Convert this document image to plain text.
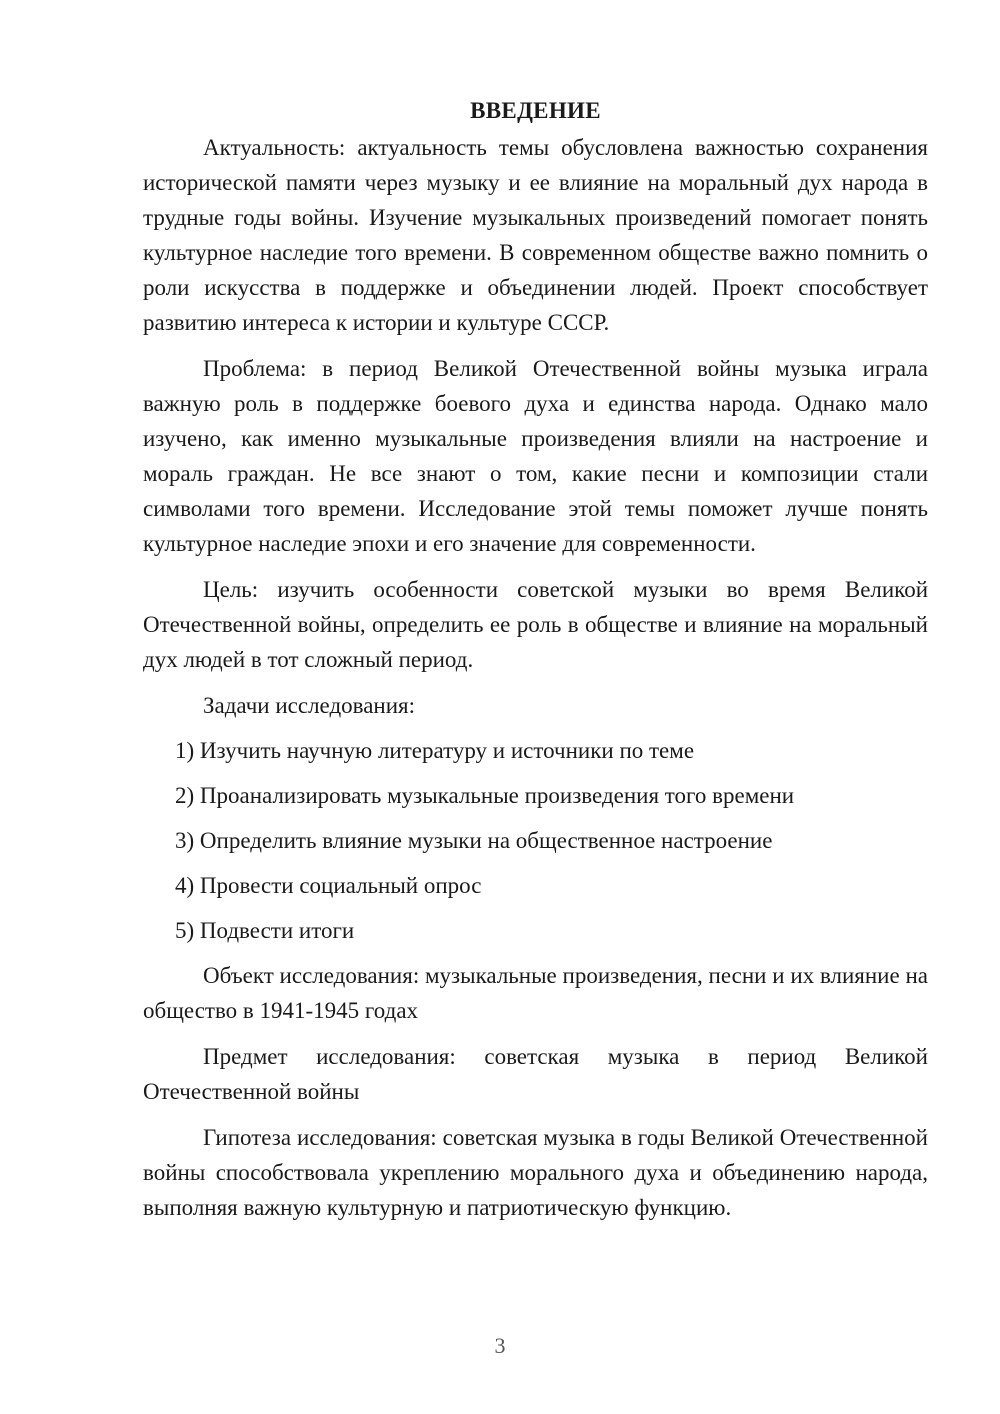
ВВЕДЕНИЕ

Актуальность: актуальность темы обусловлена важностью сохранения исторической памяти через музыку и ее влияние на моральный дух народа в трудные годы войны. Изучение музыкальных произведений помогает понять культурное наследие того времени. В современном обществе важно помнить о роли искусства в поддержке и объединении людей. Проект способствует развитию интереса к истории и культуре СССР.

Проблема: в период Великой Отечественной войны музыка играла важную роль в поддержке боевого духа и единства народа. Однако мало изучено, как именно музыкальные произведения влияли на настроение и мораль граждан. Не все знают о том, какие песни и композиции стали символами того времени. Исследование этой темы поможет лучше понять культурное наследие эпохи и его значение для современности.

Цель: изучить особенности советской музыки во время Великой Отечественной войны, определить ее роль в обществе и влияние на моральный дух людей в тот сложный период.

Задачи исследования:

1) Изучить научную литературу и источники по теме
2) Проанализировать музыкальные произведения того времени
3) Определить влияние музыки на общественное настроение
4) Провести социальный опрос
5) Подвести итоги

Объект исследования: музыкальные произведения, песни и их влияние на общество в 1941-1945 годах

Предмет исследования: советская музыка в период Великой Отечественной войны

Гипотеза исследования: советская музыка в годы Великой Отечественной войны способствовала укреплению морального духа и объединению народа, выполняя важную культурную и патриотическую функцию.

3
